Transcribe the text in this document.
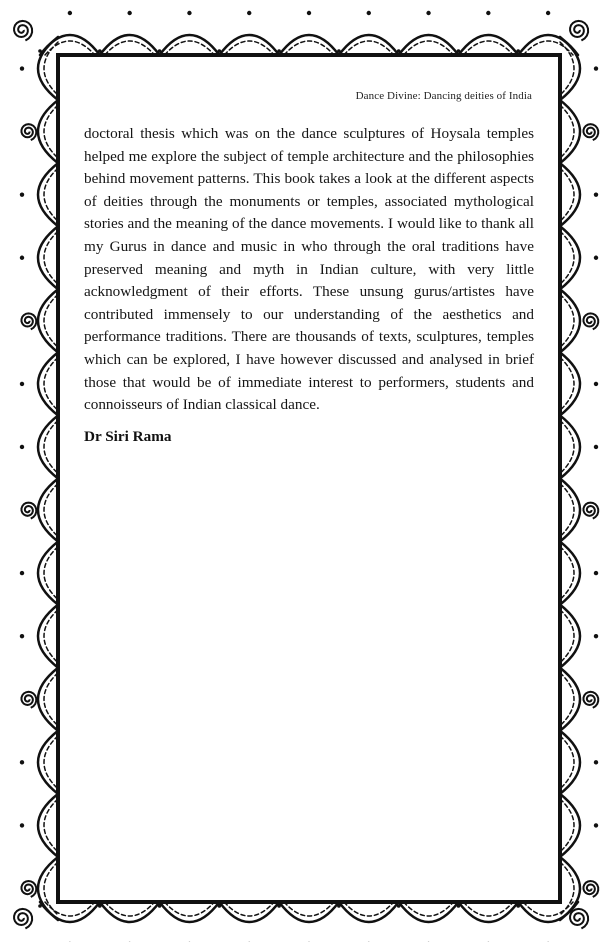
Dance Divine: Dancing deities of India

doctoral thesis which was on the dance sculptures of Hoysala temples helped me explore the subject of temple architecture and the philosophies behind movement patterns. This book takes a look at the different aspects of deities through the monuments or temples, associated mythological stories and the meaning of the dance movements. I would like to thank all my Gurus in dance and music in who through the oral traditions have preserved meaning and myth in Indian culture, with very little acknowledgment of their efforts. These unsung gurus/artistes have contributed immensely to our understanding of the aesthetics and performance traditions. There are thousands of texts, sculptures, temples which can be explored, I have however discussed and analysed in brief those that would be of immediate interest to performers, students and connoisseurs of Indian classical dance.

Dr Siri Rama
